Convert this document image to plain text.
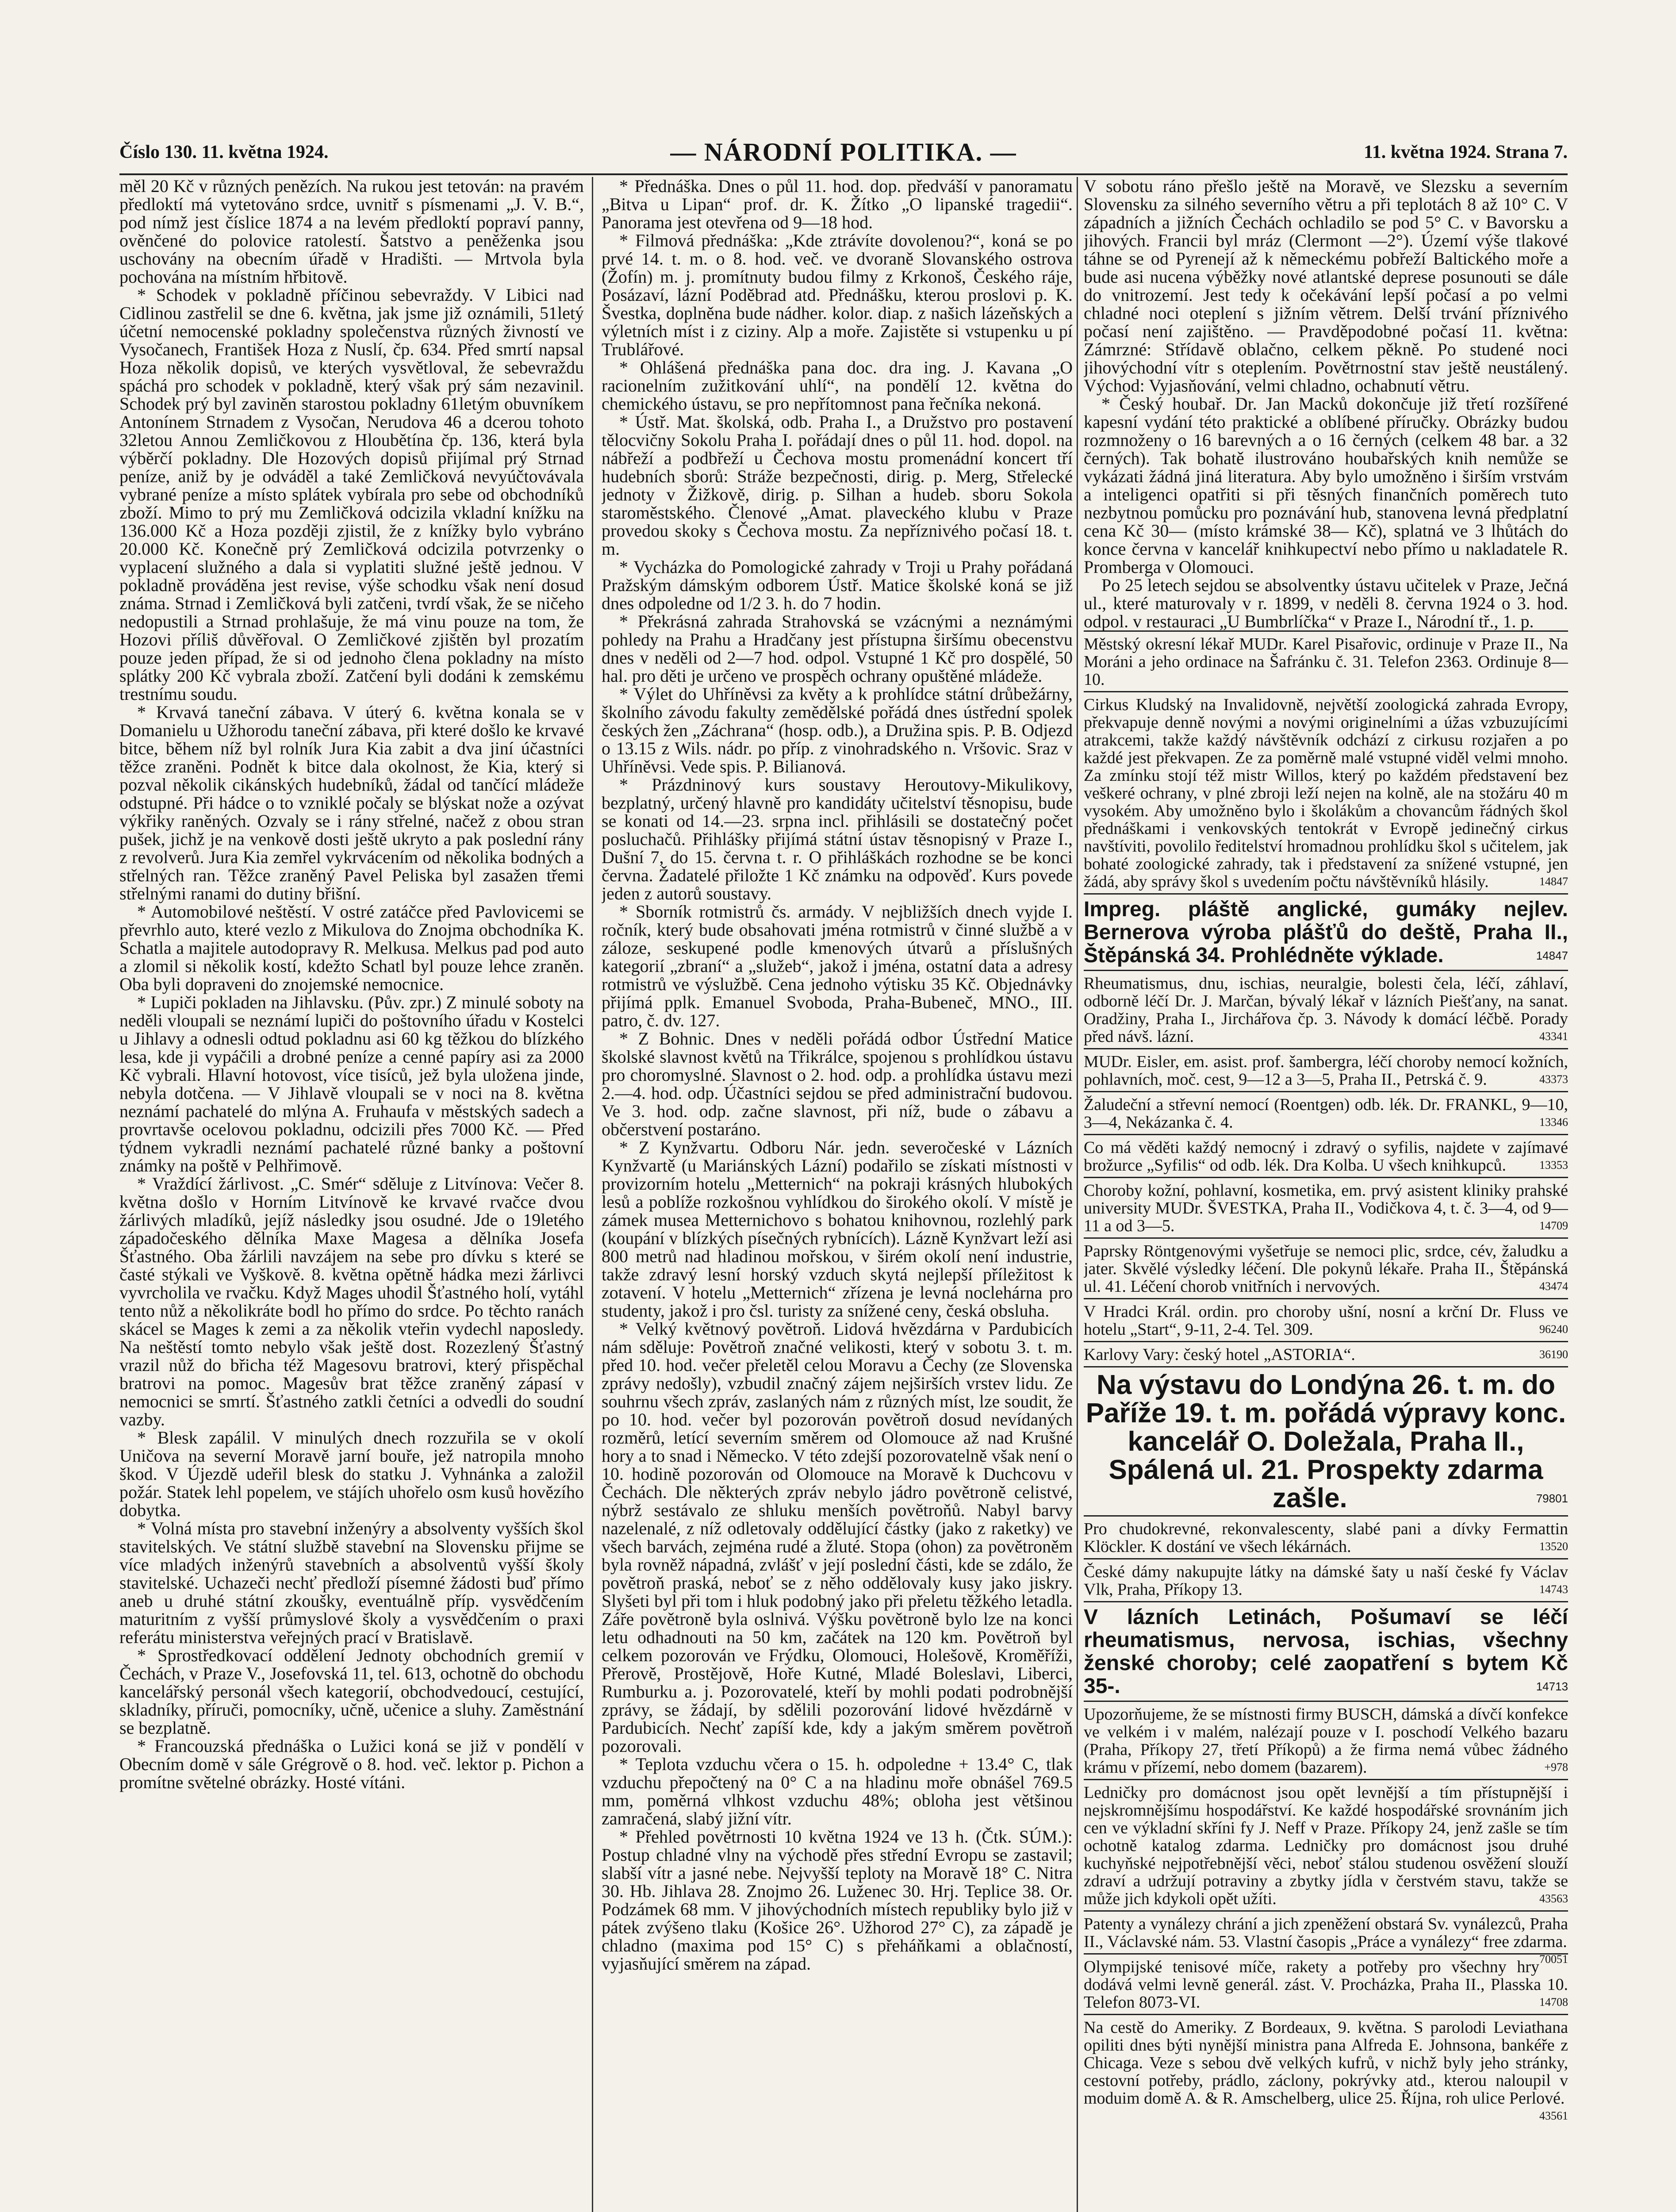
Číslo 130. 11. května 1924.	— NÁRODNÍ POLITIKA. —	11. května 1924. Strana 7.

měl 20 Kč v různých penězích. Na rukou jest tetován: na pravém předloktí má vytetováno srdce, uvnitř s písmenami „J. V. B.“, pod nímž jest číslice 1874 a na levém předloktí popraví panny, ověnčené do polovice ratolestí. Šatstvo a peněženka jsou uschovány na obecním úřadě v Hradišti. — Mrtvola byla pochována na místním hřbitově.

* Schodek v pokladně příčinou sebevraždy. V Libici nad Cidlinou zastřelil se dne 6. května, jak jsme již oznámili, 51letý účetní nemocenské pokladny společenstva různých živností ve Vysočanech, František Hoza z Nuslí, čp. 634. Před smrtí napsal Hoza několik dopisů, ve kterých vysvětloval, že sebevraždu spáchá pro schodek v pokladně, který však prý sám nezavinil. Schodek prý byl zaviněn starostou pokladny 61letým obuvníkem Antonínem Strnadem z Vysočan, Nerudova 46 a dcerou tohoto 32letou Annou Zemličkovou z Hloubětína čp. 136, která byla výběrčí pokladny. Dle Hozových dopisů přijímal prý Strnad peníze, aniž by je odváděl a také Zemličková nevyúčtovávala vybrané peníze a místo splátek vybírala pro sebe od obchodníků zboží. Mimo to prý mu Zemličková odcizila vkladní knížku na 136.000 Kč a Hoza později zjistil, že z knížky bylo vybráno 20.000 Kč. Konečně prý Zemličková odcizila potvrzenky o vyplacení služného a dala si vyplatiti služné ještě jednou. V pokladně prováděna jest revise, výše schodku však není dosud známa. Strnad i Zemličková byli zatčeni, tvrdí však, že se ničeho nedopustili a Strnad prohlašuje, že má vinu pouze na tom, že Hozovi příliš důvěřoval. O Zemličkové zjištěn byl prozatím pouze jeden případ, že si od jednoho člena pokladny na místo splátky 200 Kč vybrala zboží. Zatčení byli dodáni k zemskému trestnímu soudu.

* Krvavá taneční zábava. V úterý 6. května konala se v Domanielu u Užhorodu taneční zábava, při které došlo ke krvavé bitce, během níž byl rolník Jura Kia zabit a dva jiní účastníci těžce zraněni. Podnět k bitce dala okolnost, že Kia, který si pozval několik cikánských hudebníků, žádal od tančící mládeže odstupné. Při hádce o to vzniklé počaly se blýskat nože a ozývat výkřiky raněných. Ozvaly se i rány střelné, načež z obou stran pušek, jichž je na venkově dosti ještě ukryto a pak poslední rány z revolverů. Jura Kia zemřel vykrvácením od několika bodných a střelných ran. Těžce zraněný Pavel Peliska byl zasažen třemi střelnými ranami do dutiny břišní.

* Automobilové neštěstí. V ostré zatáčce před Pavlovicemi se převrhlo auto, které vezlo z Mikulova do Znojma obchodníka K. Schatla a majitele autodopravy R. Melkusa. Melkus pad pod auto a zlomil si několik kostí, kdežto Schatl byl pouze lehce zraněn. Oba byli dopraveni do znojemské nemocnice.

* Lupiči pokladen na Jihlavsku. (Pův. zpr.) Z minulé soboty na neděli vloupali se neznámí lupiči do poštovního úřadu v Kostelci u Jihlavy a odnesli odtud pokladnu asi 60 kg těžkou do blízkého lesa, kde ji vypáčili a drobné peníze a cenné papíry asi za 2000 Kč vybrali. Hlavní hotovost, více tisíců, jež byla uložena jinde, nebyla dotčena. — V Jihlavě vloupali se v noci na 8. května neznámí pachatelé do mlýna A. Fruhaufa v městských sadech a provrtavše ocelovou pokladnu, odcizili přes 7000 Kč. — Před týdnem vykradli neznámí pachatelé různé banky a poštovní známky na poště v Pelhřimově.

* Vraždící žárlivost. „C. Smér“ sděluje z Litvínova: Večer 8. května došlo v Horním Litvínově ke krvavé rvačce dvou žárlivých mladíků, jejíž následky jsou osudné. Jde o 19letého západočeského dělníka Maxe Magesa a dělníka Josefa Šťastného. Oba žárlili navzájem na sebe pro dívku s které se časté stýkali ve Vyškově. 8. května opětně hádka mezi žárlivci vyvrcholila ve rvačku. Když Mages uhodil Šťastného holí, vytáhl tento nůž a několikráte bodl ho přímo do srdce. Po těchto ranách skácel se Mages k zemi a za několik vteřin vydechl naposledy. Na neštěstí tomto nebylo však ještě dost. Rozezlený Šťastný vrazil nůž do břicha též Magesovu bratrovi, který přispěchal bratrovi na pomoc. Magesův brat těžce zraněný zápasí v nemocnici se smrtí. Šťastného zatkli četníci a odvedli do soudní vazby.

* Blesk zapálil. V minulých dnech rozzuřila se v okolí Uničova na severní Moravě jarní bouře, jež natropila mnoho škod. V Újezdě udeřil blesk do statku J. Vyhnánka a založil požár. Statek lehl popelem, ve stájích uhořelo osm kusů hovězího dobytka.

* Volná místa pro stavební inženýry a absolventy vyšších škol stavitelských. Ve státní službě stavební na Slovensku přijme se více mladých inženýrů stavebních a absolventů vyšší školy stavitelské. Uchazeči nechť předloží písemné žádosti buď přímo aneb u druhé státní zkoušky, eventuálně příp. vysvědčením maturitním z vyšší průmyslové školy a vysvědčením o praxi referátu ministerstva veřejných prací v Bratislavě.

* Sprostředkovací oddělení Jednoty obchodních gremií v Čechách, v Praze V., Josefovská 11, tel. 613, ochotně do obchodu kancelářský personál všech kategorií, obchodvedoucí, cestující, skladníky, příruči, pomocníky, učně, učenice a sluhy. Zaměstnání se bezplatně.

* Francouzská přednáška o Lužici koná se již v pondělí v Obecním domě v sále Grégrově o 8. hod. več. lektor p. Pichon a promítne světelné obrázky. Hosté vítáni.

* Přednáška. Dnes o půl 11. hod. dop. předváší v panoramatu „Bitva u Lipan“ prof. dr. K. Žítko „O lipanské tragedii“. Panorama jest otevřena od 9—18 hod.

* Filmová přednáška: „Kde ztrávíte dovolenou?“, koná se po prvé 14. t. m. o 8. hod. več. ve dvoraně Slovanského ostrova (Žofín) m. j. promítnuty budou filmy z Krkonoš, Českého ráje, Posázaví, lázní Poděbrad atd. Přednášku, kterou proslovi p. K. Švestka, doplněna bude nádher. kolor. diap. z našich lázeňských a výletních míst i z ciziny. Alp a moře. Zajistěte si vstupenku u pí Trublářové.

* Ohlášená přednáška pana doc. dra ing. J. Kavana „O racionelním zužitkování uhlí“, na pondělí 12. května do chemického ústavu, se pro nepřítomnost pana řečníka nekoná.

* Ústř. Mat. školská, odb. Praha I., a Družstvo pro postavení tělocvičny Sokolu Praha I. pořádají dnes o půl 11. hod. dopol. na nábřeží a podbřeží u Čechova mostu promenádní koncert tří hudebních sborů: Stráže bezpečnosti, dirig. p. Merg, Střelecké jednoty v Žižkově, dirig. p. Silhan a hudeb. sboru Sokola staroměstského. Členové „Amat. plaveckého klubu v Praze provedou skoky s Čechova mostu. Za nepříznivého počasí 18. t. m.

* Vycházka do Pomologické zahrady v Troji u Prahy pořádaná Pražským dámským odborem Ústř. Matice školské koná se již dnes odpoledne od 1/2 3. h. do 7 hodin.

* Překrásná zahrada Strahovská se vzácnými a neznámými pohledy na Prahu a Hradčany jest přístupna širšímu obecenstvu dnes v neděli od 2—7 hod. odpol. Vstupné 1 Kč pro dospělé, 50 hal. pro děti je určeno ve prospěch ochrany opuštěné mládeže.

* Výlet do Uhříněvsi za květy a k prohlídce státní drůbežárny, školního závodu fakulty zemědělské pořádá dnes ústřední spolek českých žen „Záchrana“ (hosp. odb.), a Družina spis. P. B. Odjezd o 13.15 z Wils. nádr. po příp. z vinohradského n. Vršovic. Sraz v Uhříněvsi. Vede spis. P. Bilianová.

* Prázdninový kurs soustavy Heroutovy-Mikulikovy, bezplatný, určený hlavně pro kandidáty učitelství těsnopisu, bude se konati od 14.—23. srpna incl. přihlásili se dostatečný počet posluchačů. Přihlášky přijímá státní ústav těsnopisný v Praze I., Dušní 7, do 15. června t. r. O přihláškách rozhodne se be konci června. Žadatelé přiložte 1 Kč známku na odpověď. Kurs povede jeden z autorů soustavy.

* Sborník rotmistrů čs. armády. V nejbližších dnech vyjde I. ročník, který bude obsahovati jména rotmistrů v činné službě a v záloze, seskupené podle kmenových útvarů a příslušných kategorií „zbraní“ a „služeb“, jakož i jména, ostatní data a adresy rotmistrů ve výslužbě. Cena jednoho výtisku 35 Kč. Objednávky přijímá pplk. Emanuel Svoboda, Praha-Bubeneč, MNO., III. patro, č. dv. 127.

* Z Bohnic. Dnes v neděli pořádá odbor Ústřední Matice školské slavnost květů na Třikrálce, spojenou s prohlídkou ústavu pro choromyslné. Slavnost o 2. hod. odp. a prohlídka ústavu mezi 2.—4. hod. odp. Účastníci sejdou se před administrační budovou. Ve 3. hod. odp. začne slavnost, při níž, bude o zábavu a občerstvení postaráno.

* Z Kynžvartu. Odboru Nár. jedn. severočeské v Lázních Kynžvartě (u Mariánských Lázní) podařilo se získati místnosti v provizorním hotelu „Metternich“ na pokraji krásných hlubokých lesů a poblíže rozkošnou vyhlídkou do širokého okolí. V místě je zámek musea Metternichovo s bohatou knihovnou, rozlehlý park (koupání v blízkých písečných rybnících). Lázně Kynžvart leží asi 800 metrů nad hladinou mořskou, v širém okolí není industrie, takže zdravý lesní horský vzduch skytá nejlepší příležitost k zotavení. V hotelu „Metternich“ zřízena je levná noclehárna pro studenty, jakož i pro čsl. turisty za snížené ceny, česká obsluha.

* Velký květnový povětroň. Lidová hvězdárna v Pardubicích nám sděluje: Povětroň značné velikosti, který v sobotu 3. t. m. před 10. hod. večer přeletěl celou Moravu a Čechy (ze Slovenska zprávy nedošly), vzbudil značný zájem nejširších vrstev lidu. Ze souhrnu všech zpráv, zaslaných nám z různých míst, lze soudit, že po 10. hod. večer byl pozorován povětroň dosud nevídaných rozměrů, letící severním směrem od Olomouce až nad Krušné hory a to snad i Německo. V této zdejší pozorovatelně však není o 10. hodině pozorován od Olomouce na Moravě k Duchcovu v Čechách. Dle některých zpráv nebylo jádro povětroně celistvé, nýbrž sestávalo ze shluku menších povětroňů. Nabyl barvy nazelenalé, z níž odletovaly oddělující částky (jako z raketky) ve všech barvách, zejména rudé a žluté. Stopa (ohon) za povětroněm byla rovněž nápadná, zvlášť v její poslední části, kde se zdálo, že povětroň praská, neboť se z něho oddělovaly kusy jako jiskry. Slyšeti byl při tom i hluk podobný jako při přeletu těžkého letadla. Záře povětroně byla oslnivá. Výšku povětroně bylo lze na konci letu odhadnouti na 50 km, začátek na 120 km. Povětroň byl celkem pozorován ve Frýdku, Olomouci, Holešově, Kroměříži, Přerově, Prostějově, Hoře Kutné, Mladé Boleslavi, Liberci, Rumburku a. j. Pozorovatelé, kteří by mohli podati podrobnější zprávy, se žádají, by sdělili pozorování lidové hvězdárně v Pardubicích. Nechť zapíší kde, kdy a jakým směrem povětroň pozorovali.

* Teplota vzduchu včera o 15. h. odpoledne + 13.4° C, tlak vzduchu přepočtený na 0° C a na hladinu moře obnášel 769.5 mm, poměrná vlhkost vzduchu 48%; obloha jest většinou zamračená, slabý jižní vítr.

* Přehled povětrnosti 10 května 1924 ve 13 h. (Čtk. SÚM.): Postup chladné vlny na východě přes střední Evropu se zastavil; slabší vítr a jasné nebe. Nejvyšší teploty na Moravě 18° C. Nitra 30. Hb. Jihlava 28. Znojmo 26. Luženec 30. Hrj. Teplice 38. Or. Podzámek 68 mm. V jihovýchodních místech republiky bylo již v pátek zvýšeno tlaku (Košice 26°. Užhorod 27° C), za západě je chladno (maxima pod 15° C) s přeháňkami a oblačností, vyjasňující směrem na západ.

V sobotu ráno přešlo ještě na Moravě, ve Slezsku a severním Slovensku za silného severního větru a při teplotách 8 až 10° C. V západních a jižních Čechách ochladilo se pod 5° C. v Bavorsku a jihových. Francii byl mráz (Clermont —2°). Území výše tlakové táhne se od Pyrenejí až k německému pobřeží Baltického moře a bude asi nucena výběžky nové atlantské deprese posunouti se dále do vnitrozemí. Jest tedy k očekávání lepší počasí a po velmi chladné noci oteplení s jižním větrem. Delší trvání příznivého počasí není zajištěno. — Pravděpodobné počasí 11. května: Zámrzné: Střídavě oblačno, celkem pěkně. Po studené noci jihovýchodní vítr s oteplením. Povětrnostní stav ještě neustálený. Východ: Vyjasňování, velmi chladno, ochabnutí větru.

* Český houbař. Dr. Jan Macků dokončuje již třetí rozšířené kapesní vydání této praktické a oblíbené příručky. Obrázky budou rozmnoženy o 16 barevných a o 16 černých (celkem 48 bar. a 32 černých). Tak bohatě ilustrováno houbařských knih nemůže se vykázati žádná jiná literatura. Aby bylo umožněno i širším vrstvám a inteligenci opatřiti si při těsných finančních poměrech tuto nezbytnou pomůcku pro poznávání hub, stanovena levná předplatní cena Kč 30— (místo krámské 38— Kč), splatná ve 3 lhůtách do konce června v kancelář knihkupectví nebo přímo u nakladatele R. Promberga v Olomouci.

Po 25 letech sejdou se absolventky ústavu učitelek v Praze, Ječná ul., které maturovaly v r. 1899, v neděli 8. června 1924 o 3. hod. odpol. v restauraci „U Bumbrlíčka“ v Praze I., Národní tř., 1. p.

Městský okresní lékař MUDr. Karel Pisařovic, ordinuje v Praze II., Na Moráni a jeho ordinace na Šafránku č. 31. Telefon 2363. Ordinuje 8—10.
Cirkus Kludský na Invalidovně, největší zoologická zahrada Evropy, překvapuje denně novými a novými originelními a úžas vzbuzujícími atrakcemi, takže každý návštěvník odchází z cirkusu rozjařen a po každé jest překvapen. Ze za poměrně malé vstupné viděl velmi mnoho. Za zmínku stojí též mistr Willos, který po každém představení bez veškeré ochrany, v plné zbroji leží nejen na kolně, ale na stožáru 40 m vysokém. Aby umožněno bylo i školákům a chovancům řádných škol přednáškami i venkovských tentokrát v Evropě jedinečný cirkus navštíviti, povolilo ředitelství hromadnou prohlídku škol s učitelem, jak bohaté zoologické zahrady, tak i představení za snížené vstupné, jen žádá, aby správy škol s uvedením počtu návštěvníků hlásily.	14847
Impreg. pláště anglické, gumáky nejlev. Bernerova výroba plášťů do deště, Praha II., Štěpánská 34. Prohlédněte výklade.	14847
Rheumatismus, dnu, ischias, neuralgie, bolesti čela, léčí, záhlaví, odborně léčí Dr. J. Marčan, bývalý lékař v lázních Piešťany, na sanat. Oradžiny, Praha I., Jirchářova čp. 3. Návody k domácí léčbě. Porady před návš. lázní.	43341
MUDr. Eisler, em. asist. prof. šambergra, léčí choroby nemocí kožních, pohlavních, moč. cest, 9—12 a 3—5, Praha II., Petrská č. 9.	43373
Žaludeční a střevní nemocí (Roentgen) odb. lék. Dr. FRANKL, 9—10, 3—4, Nekázanka č. 4.	13346
Co má věděti každý nemocný i zdravý o syfilis, najdete v zajímavé brožurce „Syfilis“ od odb. lék. Dra Kolba. U všech knihkupců.	13353
Choroby kožní, pohlavní, kosmetika, em. prvý asistent kliniky prahské university MUDr. ŠVESTKA, Praha II., Vodičkova 4, t. č. 3—4, od 9—11 a od 3—5.	14709
Paprsky Röntgenovými vyšetřuje se nemoci plic, srdce, cév, žaludku a jater. Skvělé výsledky léčení. Dle pokynů lékaře. Praha II., Štěpánská ul. 41. Léčení chorob vnitřních i nervových.	43474
V Hradci Král. ordin. pro choroby ušní, nosní a krční Dr. Fluss ve hotelu „Start“, 9-11, 2-4. Tel. 309.	96240
Karlovy Vary: český hotel „ASTORIA“.	36190
Na výstavu do Londýna 26. t. m. do Paříže 19. t. m. pořádá výpravy konc. kancelář O. Doležala, Praha II., Spálená ul. 21. Prospekty zdarma zašle.	79801
Pro chudokrevné, rekonvalescenty, slabé pani a dívky Fermattin Klöckler. K dostání ve všech lékárnách.	13520
České dámy nakupujte látky na dámské šaty u naší české fy Václav Vlk, Praha, Příkopy 13.	14743
V lázních Letinách, Pošumaví se léčí rheumatismus, nervosa, ischias, všechny ženské choroby; celé zaopatření s bytem Kč 35-.	14713
Upozorňujeme, že se místnosti firmy BUSCH, dámská a dívčí konfekce ve velkém i v malém, nalézají pouze v I. poschodí Velkého bazaru (Praha, Příkopy 27, třetí Příkopů) a že firma nemá vůbec žádného krámu v přízemí, nebo domem (bazarem).	+978
Ledničky pro domácnost jsou opět levnější a tím přístupnější i nejskromnějšímu hospodářství. Ke každé hospodářské srovnáním jich cen ve výkladní skříni fy J. Neff v Praze. Příkopy 24, jenž zašle se tím ochotně katalog zdarma. Ledničky pro domácnost jsou druhé kuchyňské nejpotřebnější věci, neboť stálou studenou osvěžení slouží zdraví a udržují potraviny a zbytky jídla v čerstvém stavu, takže se může jich kdykoli opět užíti.	43563
Patenty a vynálezy chrání a jich zpeněžení obstará Sv. vynálezců, Praha II., Václavské nám. 53. Vlastní časopis „Práce a vynálezy“ free zdarma.
70051
Olympijské tenisové míče, rakety a potřeby pro všechny hry dodává velmi levně generál. zást. V. Procházka, Praha II., Plasska 10. Telefon 8073-VI.	14708
Na cestě do Ameriky. Z Bordeaux, 9. května. S parolodi Leviathana opiliti dnes býti nynější ministra pana Alfreda E. Johnsona, bankéře z Chicaga. Veze s sebou dvě velkých kufrů, v nichž byly jeho stránky, cestovní potřeby, prádlo, záclony, pokrývky atd., kterou naloupil v moduim domě A. & R. Amschelberg, ulice 25. Října, roh ulice Perlové.
43561
